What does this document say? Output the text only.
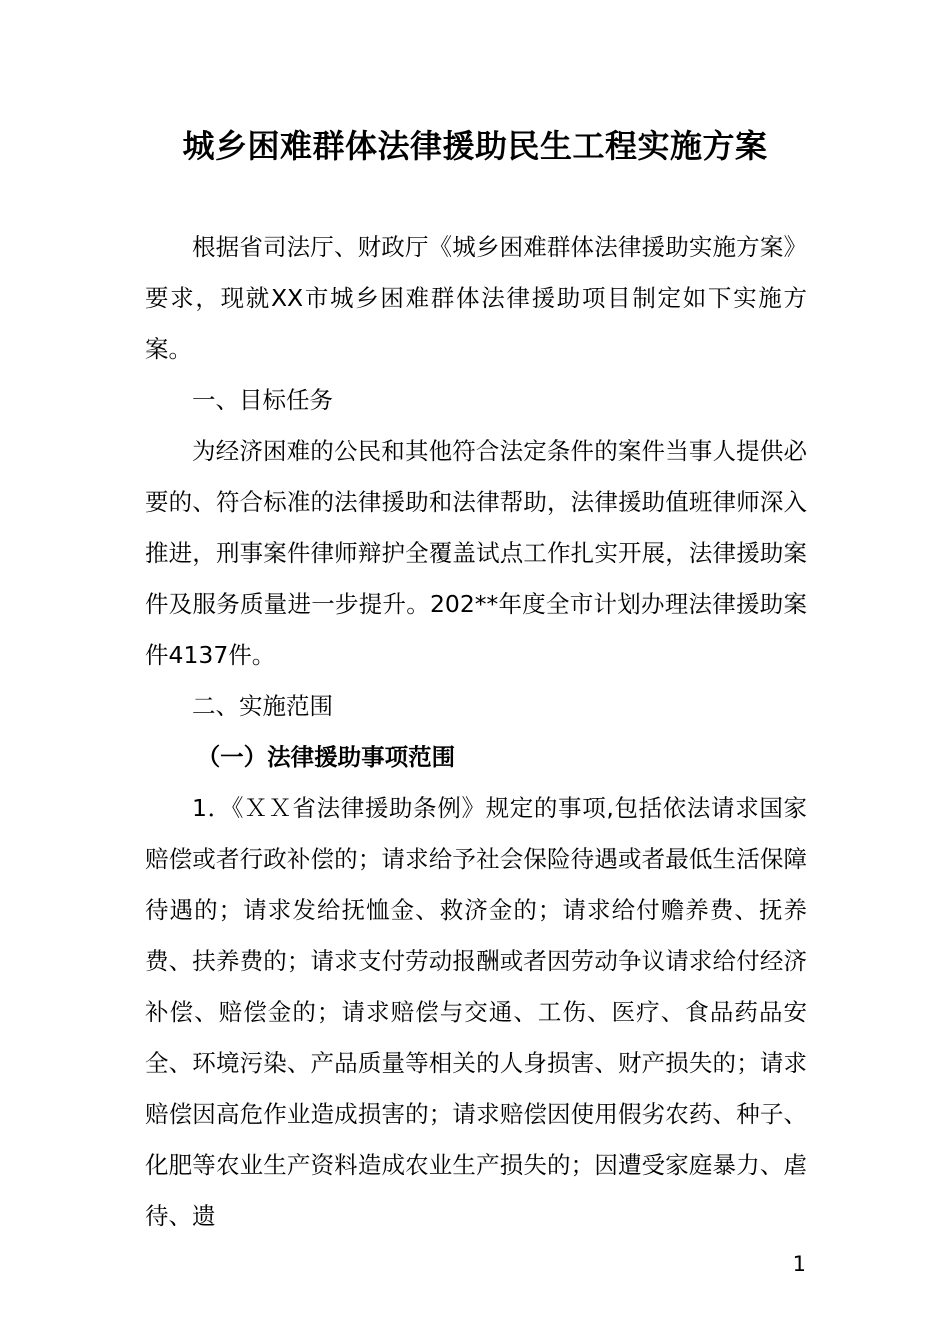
城乡困难群体法律援助民生工程实施方案

根据省司法厅、财政厅《城乡困难群体法律援助实施方案》要求，现就XX市城乡困难群体法律援助项目制定如下实施方案。

一、目标任务

为经济困难的公民和其他符合法定条件的案件当事人提供必要的、符合标准的法律援助和法律帮助，法律援助值班律师深入推进，刑事案件律师辩护全覆盖试点工作扎实开展，法律援助案件及服务质量进一步提升。202**年度全市计划办理法律援助案件4137件。

二、实施范围

（一）法律援助事项范围

1．《ＸＸ省法律援助条例》规定的事项,包括依法请求国家赔偿或者行政补偿的；请求给予社会保险待遇或者最低生活保障待遇的；请求发给抚恤金、救济金的；请求给付赡养费、抚养费、扶养费的；请求支付劳动报酬或者因劳动争议请求给付经济补偿、赔偿金的；请求赔偿与交通、工伤、医疗、食品药品安全、环境污染、产品质量等相关的人身损害、财产损失的；请求赔偿因高危作业造成损害的；请求赔偿因使用假劣农药、种子、化肥等农业生产资料造成农业生产损失的；因遭受家庭暴力、虐待、遗

1
